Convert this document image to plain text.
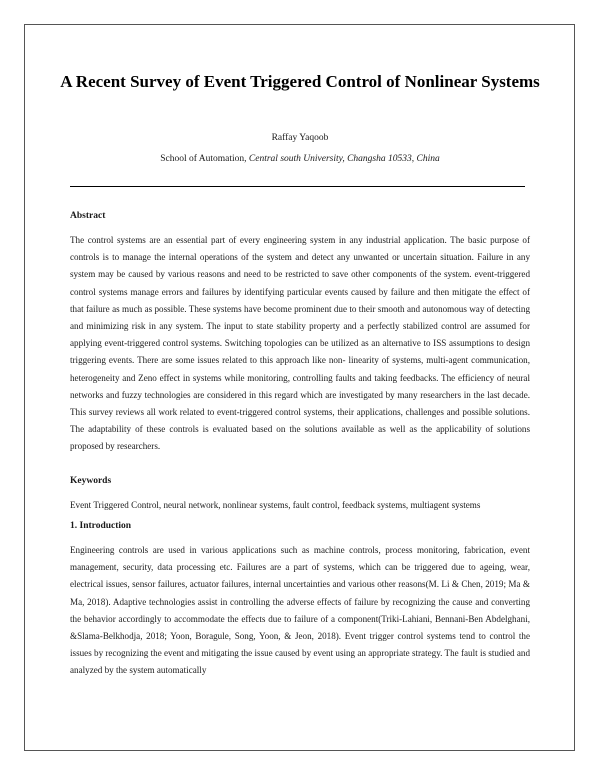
A Recent Survey of Event Triggered Control of Nonlinear Systems
Raffay Yaqoob
School of Automation, Central south University, Changsha 10533, China
Abstract
The control systems are an essential part of every engineering system in any industrial application. The basic purpose of controls is to manage the internal operations of the system and detect any unwanted or uncertain situation. Failure in any system may be caused by various reasons and need to be restricted to save other components of the system. event-triggered control systems manage errors and failures by identifying particular events caused by failure and then mitigate the effect of that failure as much as possible. These systems have become prominent due to their smooth and autonomous way of detecting and minimizing risk in any system. The input to state stability property and a perfectly stabilized control are assumed for applying event-triggered control systems. Switching topologies can be utilized as an alternative to ISS assumptions to design triggering events. There are some issues related to this approach like non- linearity of systems, multi-agent communication, heterogeneity and Zeno effect in systems while monitoring, controlling faults and taking feedbacks. The efficiency of neural networks and fuzzy technologies are considered in this regard which are investigated by many researchers in the last decade. This survey reviews all work related to event-triggered control systems, their applications, challenges and possible solutions. The adaptability of these controls is evaluated based on the solutions available as well as the applicability of solutions proposed by researchers.
Keywords
Event Triggered Control, neural network, nonlinear systems, fault control, feedback systems, multiagent systems
1. Introduction
Engineering controls are used in various applications such as machine controls, process monitoring, fabrication, event management, security, data processing etc. Failures are a part of systems, which can be triggered due to ageing, wear, electrical issues, sensor failures, actuator failures, internal uncertainties and various other reasons(M. Li & Chen, 2019; Ma & Ma, 2018). Adaptive technologies assist in controlling the adverse effects of failure by recognizing the cause and converting the behavior accordingly to accommodate the effects due to failure of a component(Triki-Lahiani, Bennani-Ben Abdelghani, &Slama-Belkhodja, 2018; Yoon, Boragule, Song, Yoon, & Jeon, 2018). Event trigger control systems tend to control the issues by recognizing the event and mitigating the issue caused by event using an appropriate strategy. The fault is studied and analyzed by the system automatically
